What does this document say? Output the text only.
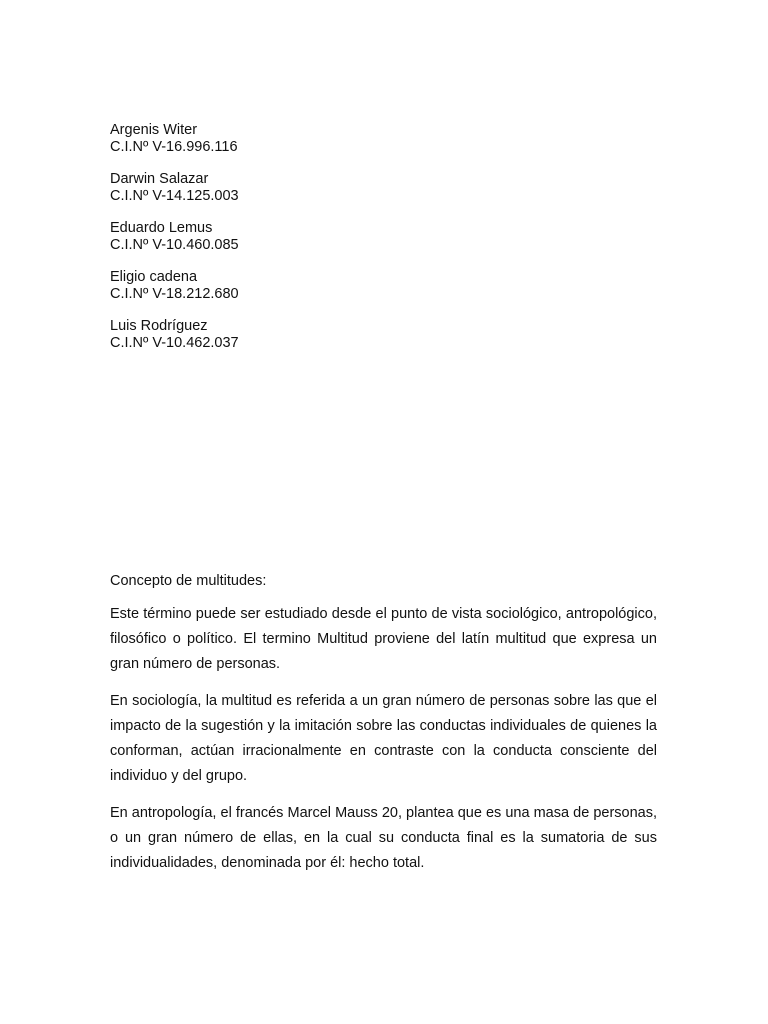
Argenis Witer
C.I.Nº V-16.996.116
Darwin Salazar
C.I.Nº V-14.125.003
Eduardo Lemus
C.I.Nº V-10.460.085
Eligio cadena
C.I.Nº V-18.212.680
Luis Rodríguez
C.I.Nº V-10.462.037
Concepto de multitudes:

Este término puede ser estudiado desde el punto de vista sociológico, antropológico, filosófico o político. El termino Multitud proviene del latín multitud que expresa un gran número de personas.

En sociología, la multitud es referida a un gran número de personas sobre las que el impacto de la sugestión y la imitación sobre las conductas individuales de quienes la conforman, actúan irracionalmente en contraste con la conducta consciente del individuo y del grupo.

En antropología, el francés Marcel Mauss 20, plantea que es una masa de personas, o un gran número de ellas, en la cual su conducta final es la sumatoria de sus individualidades, denominada por él: hecho total.
